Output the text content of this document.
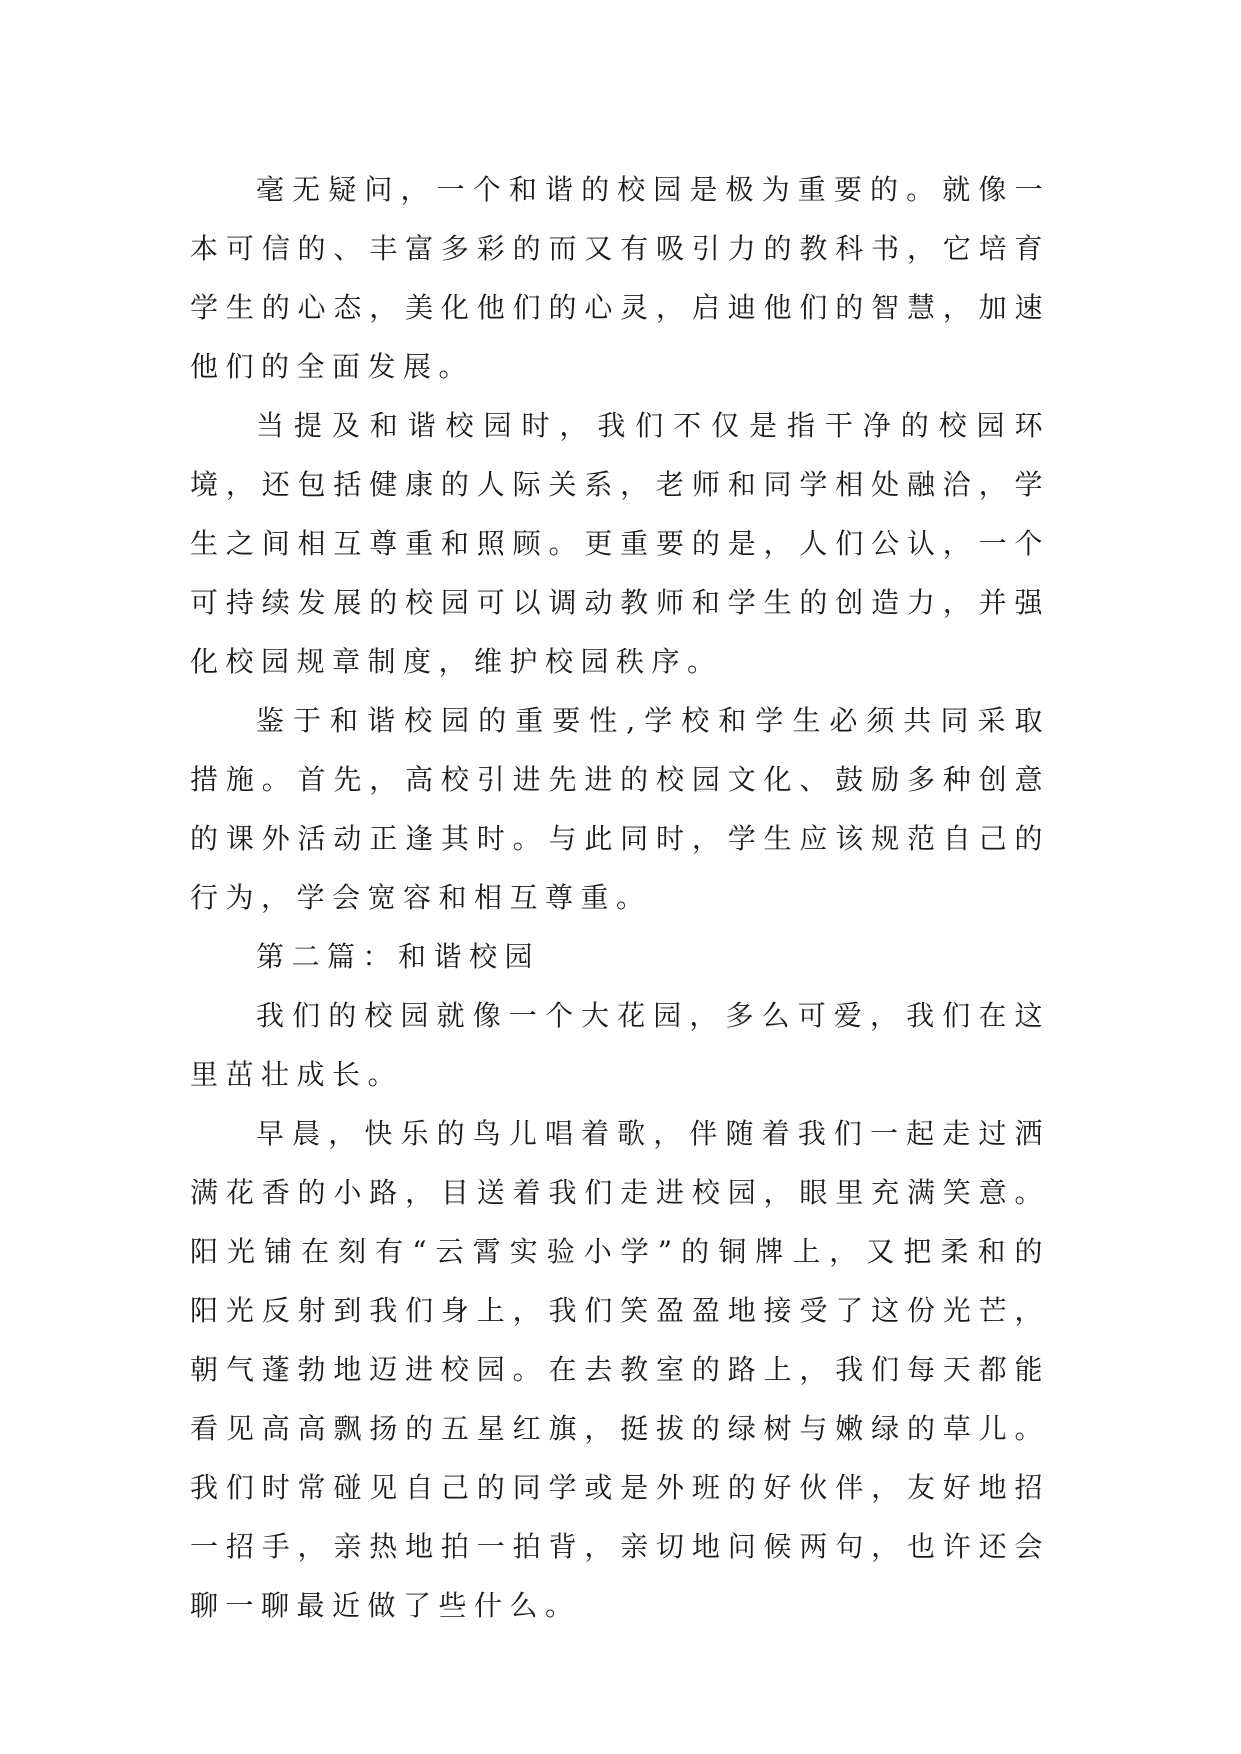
毫无疑问，一个和谐的校园是极为重要的。就像一本可信的、丰富多彩的而又有吸引力的教科书，它培育学生的心态，美化他们的心灵，启迪他们的智慧，加速他们的全面发展。

当提及和谐校园时，我们不仅是指干净的校园环境，还包括健康的人际关系，老师和同学相处融洽，学生之间相互尊重和照顾。更重要的是，人们公认，一个可持续发展的校园可以调动教师和学生的创造力，并强化校园规章制度，维护校园秩序。

鉴于和谐校园的重要性,学校和学生必须共同采取措施。首先，高校引进先进的校园文化、鼓励多种创意的课外活动正逢其时。与此同时，学生应该规范自己的行为，学会宽容和相互尊重。

第二篇：和谐校园

我们的校园就像一个大花园，多么可爱，我们在这里茁壮成长。

早晨，快乐的鸟儿唱着歌，伴随着我们一起走过洒满花香的小路，目送着我们走进校园，眼里充满笑意。阳光铺在刻有“云霄实验小学”的铜牌上，又把柔和的阳光反射到我们身上，我们笑盈盈地接受了这份光芒，朝气蓬勃地迈进校园。在去教室的路上，我们每天都能看见高高飘扬的五星红旗，挺拔的绿树与嫩绿的草儿。我们时常碰见自己的同学或是外班的好伙伴，友好地招一招手，亲热地拍一拍背，亲切地问候两句，也许还会聊一聊最近做了些什么。
